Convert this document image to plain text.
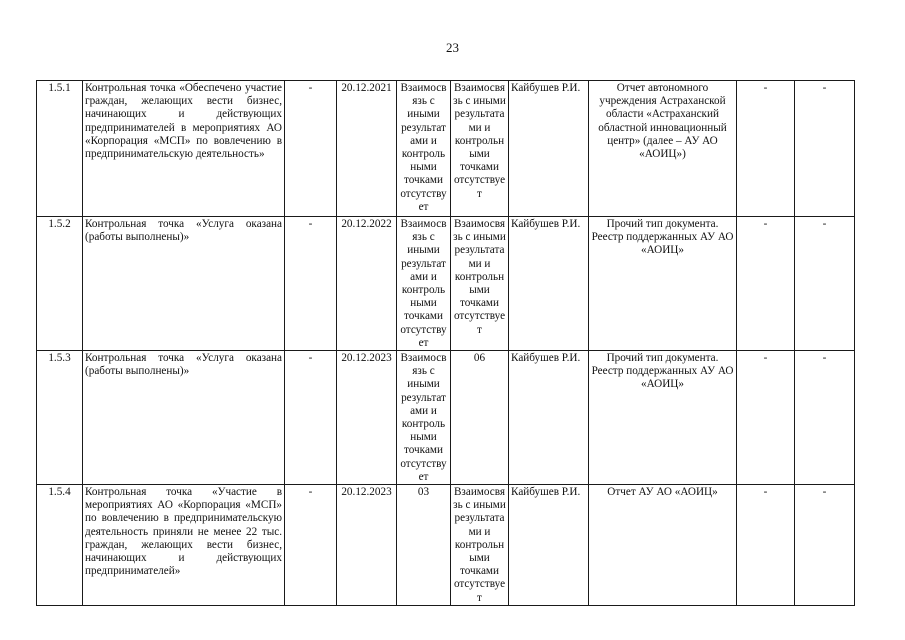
23
1.5.1	Контрольная точка «Обеспечено участие граждан, желающих вести бизнес, начинающих и действующих предпринимателей в мероприятиях АО «Корпорация «МСП» по вовлечению в предпринимательскую деятельность»	-	20.12.2021	Взаимосвязь с иными результатами и контрольными точками отсутствует	Взаимосвязь с иными результатами и контрольными точками отсутствует	Кайбушев Р.И.	Отчет автономного учреждения Астраханской области «Астраханский областной инновационный центр» (далее – АУ АО «АОИЦ»)	-	-
1.5.2	Контрольная точка «Услуга оказана (работы выполнены)»	-	20.12.2022	Взаимосвязь с иными результатами и контрольными точками отсутствует	Взаимосвязь с иными результатами и контрольными точками отсутствует	Кайбушев Р.И.	Прочий тип документа. Реестр поддержанных АУ АО «АОИЦ»	-	-
1.5.3	Контрольная точка «Услуга оказана (работы выполнены)»	-	20.12.2023	Взаимосвязь с иными результатами и контрольными точками отсутствует	06	Кайбушев Р.И.	Прочий тип документа. Реестр поддержанных АУ АО «АОИЦ»	-	-
1.5.4	Контрольная точка «Участие в мероприятиях АО «Корпорация «МСП» по вовлечению в предпринимательскую деятельность приняли не менее 22 тыс. граждан, желающих вести бизнес, начинающих и действующих предпринимателей»	-	20.12.2023	03	Взаимосвязь с иными результатами и контрольными точками отсутствует	Кайбушев Р.И.	Отчет АУ АО «АОИЦ»	-	-
